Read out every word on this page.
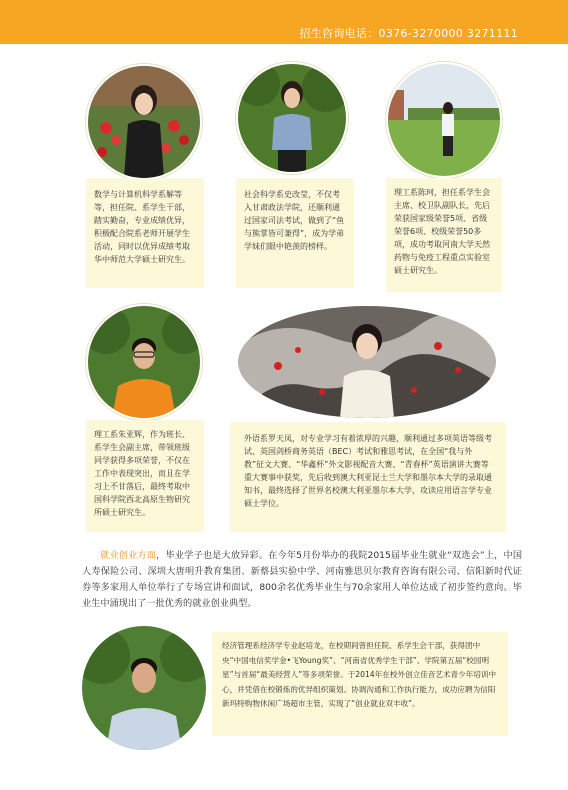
招生咨询电话：0376-3270000 3271111
数学与计算机科学系解等等，担任院、系学生干部，踏实勤奋，专业成绩优异，积极配合院系老师开展学生活动，同时以优异成绩考取华中师范大学硕士研究生。
社会科学系史改莹，不仅考入甘肃政法学院，还顺利通过国家司法考试，做到了“鱼与熊掌皆可兼得”，成为学弟学妹们眼中艳羡的榜样。
理工系陈珂，担任系学生会主席、校卫队副队长，先后荣获国家级荣誉5项、省级荣誉6项、校级荣誉50多项，成功考取河南大学天然药物与免疫工程重点实验室硕士研究生。
理工系朱亚辉，作为班长、系学生会副主席，带领班级同学获得多项荣誉，不仅在工作中表现突出，而且在学习上不甘落后，最终考取中国科学院西北高原生物研究所硕士研究生。
外语系罗天凤，对专业学习有着浓厚的兴趣，顺利通过多项英语等级考试、英国剑桥商务英语（BEC）考试和雅思考试，在全国“我与外教”征文大赛、“华鑫杯”外文影视配音大赛、“青春杯”英语演讲大赛等重大赛事中获奖，先后收到澳大利亚昆士兰大学和墨尔本大学的录取通知书，最终选择了世界名校澳大利亚墨尔本大学，攻读应用语言学专业硕士学位。
就业创业方面，毕业学子也是大放异彩。在今年5月份举办的我院2015届毕业生就业“双选会”上，中国人寿保险公司、深圳大唐明升教育集团、新蔡县实验中学、河南雅思贝尔教育咨询有限公司、信阳新时代证券等多家用人单位举行了专场宣讲和面试，800余名优秀毕业生与70余家用人单位达成了初步签约意向。毕业生中涌现出了一批优秀的就业创业典型。
经济管理系经济学专业赵培龙，在校期间曾担任院、系学生会干部，获得团中央“中国电信奖学金•飞Young奖”、“河南省优秀学生干部”、学院第五届“校园明星”与首届“最美经营人”等多项荣誉。于2014年在校外创立佳音艺术青少年培训中心，并凭借在校锻炼的优异组织策划、协调沟通和工作执行能力，成功应聘为信阳新玛特购物休闲广场超市主管，实现了“创业就业双丰收”。
